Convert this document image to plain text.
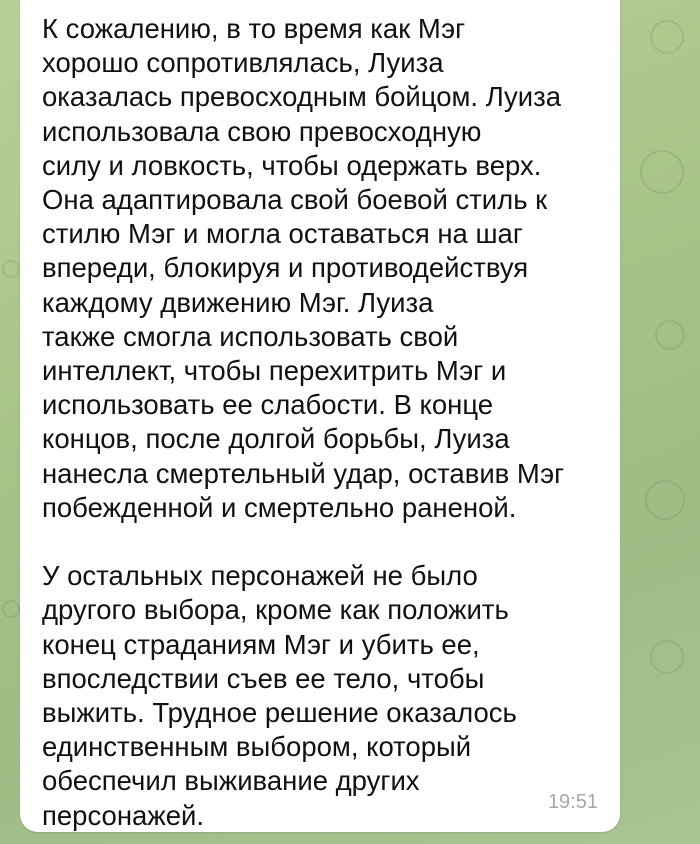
К сожалению, в то время как Мэг
хорошо сопротивлялась, Луиза
оказалась превосходным бойцом. Луиза
использовала свою превосходную
силу и ловкость, чтобы одержать верх.
Она адаптировала свой боевой стиль к
стилю Мэг и могла оставаться на шаг
впереди, блокируя и противодействуя
каждому движению Мэг. Луиза
также смогла использовать свой
интеллект, чтобы перехитрить Мэг и
использовать ее слабости. В конце
концов, после долгой борьбы, Луиза
нанесла смертельный удар, оставив Мэг
побежденной и смертельно раненой.

У остальных персонажей не было
другого выбора, кроме как положить
конец страданиям Мэг и убить ее,
впоследствии съев ее тело, чтобы
выжить. Трудное решение оказалось
единственным выбором, который
обеспечил выживание других
персонажей.	19:51
